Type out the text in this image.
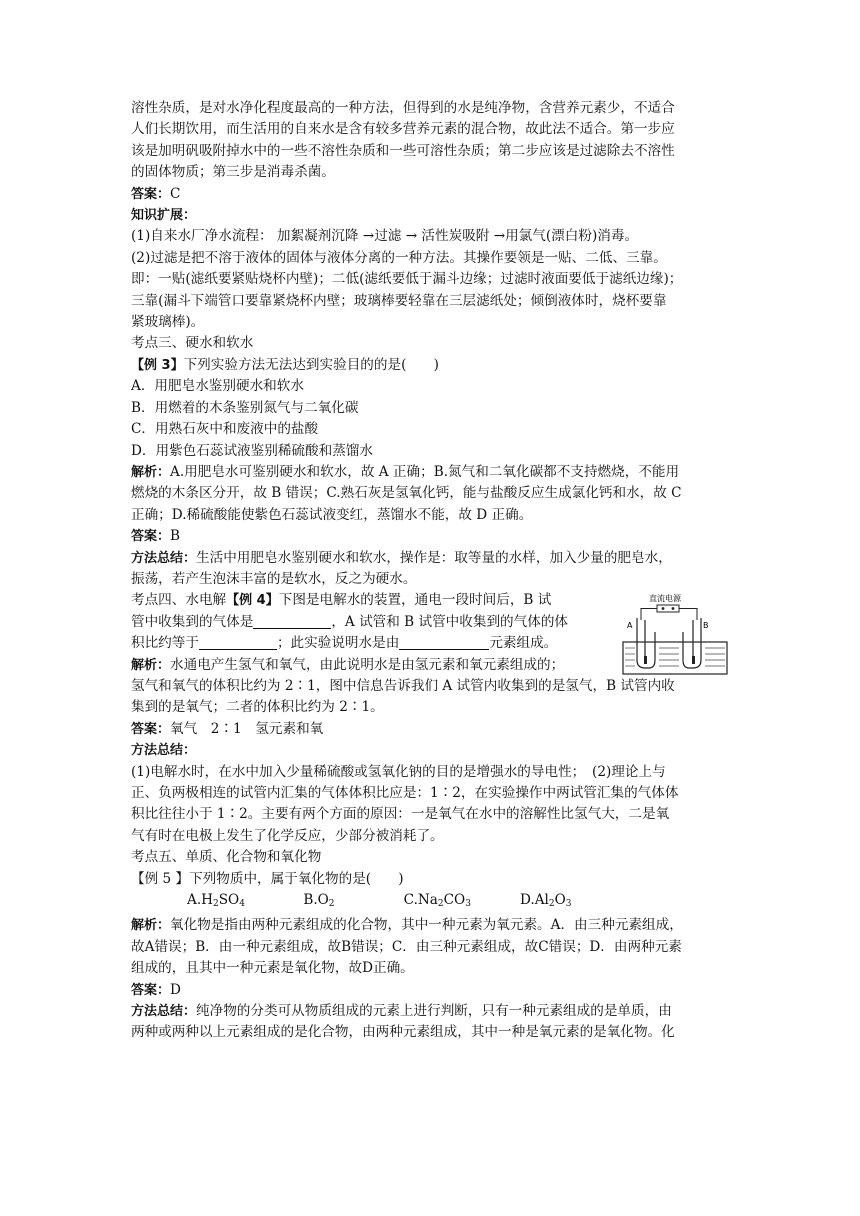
溶性杂质，是对水净化程度最高的一种方法，但得到的水是纯净物，含营养元素少，不适合

人们长期饮用，而生活用的自来水是含有较多营养元素的混合物，故此法不适合。第一步应

该是加明矾吸附掉水中的一些不溶性杂质和一些可溶性杂质；第二步应该是过滤除去不溶性

的固体物质；第三步是消毒杀菌。

答案：C

知识扩展：

(1)自来水厂净水流程： 加絮凝剂沉降 →过滤 → 活性炭吸附 →用氯气(漂白粉)消毒。

(2)过滤是把不溶于液体的固体与液体分离的一种方法。其操作要领是一贴、二低、三靠。

即：一贴(滤纸要紧贴烧杯内壁)；二低(滤纸要低于漏斗边缘；过滤时液面要低于滤纸边缘)；

三靠(漏斗下端管口要靠紧烧杯内壁；玻璃棒要轻靠在三层滤纸处；倾倒液体时，烧杯要靠

紧玻璃棒)。

考点三、硬水和软水

【例 3】下列实验方法无法达到实验目的的是(　　)

A．用肥皂水鉴别硬水和软水

B．用燃着的木条鉴别氮气与二氧化碳

C．用熟石灰中和废液中的盐酸

D．用紫色石蕊试液鉴别稀硫酸和蒸馏水

解析：A.用肥皂水可鉴别硬水和软水，故 A 正确；B.氮气和二氧化碳都不支持燃烧，不能用

燃烧的木条区分开，故 B 错误；C.熟石灰是氢氧化钙，能与盐酸反应生成氯化钙和水，故 C

正确；D.稀硫酸能使紫色石蕊试液变红，蒸馏水不能，故 D 正确。

答案：B

方法总结：生活中用肥皂水鉴别硬水和软水，操作是：取等量的水样，加入少量的肥皂水，

振荡，若产生泡沫丰富的是软水，反之为硬水。

考点四、水电解【例 4】下图是电解水的装置，通电一段时间后，B 试

管中收集到的气体是	，A 试管和 B 试管中收集到的气体的体

积比约等于	；此实验说明水是由	元素组成。

解析：水通电产生氢气和氧气，由此说明水是由氢元素和氧元素组成的；

直流电源
A	B

氢气和氧气的体积比约为 2∶1，图中信息告诉我们 A 试管内收集到的是氢气，B 试管内收

集到的是氧气；二者的体积比约为 2∶1。

答案：氧气　2∶1　氢元素和氧

方法总结：

(1)电解水时，在水中加入少量稀硫酸或氢氧化钠的目的是增强水的导电性；　(2)理论上与

正、负两极相连的试管内汇集的气体体积比应是：1∶2，在实验操作中两试管汇集的气体体

积比往往小于 1∶2。主要有两个方面的原因：一是氧气在水中的溶解性比氢气大，二是氧

气有时在电极上发生了化学反应，少部分被消耗了。

考点五、单质、化合物和氧化物

【例 5 】下列物质中，属于氧化物的是(　　)

A.H2SO4	B.O2	C.Na2CO3	D.Al2O3

解析：氧化物是指由两种元素组成的化合物，其中一种元素为氧元素。A．由三种元素组成，

故A错误；B．由一种元素组成，故B错误；C．由三种元素组成，故C错误；D．由两种元素

组成的，且其中一种元素是氧化物，故D正确。

答案：D

方法总结：纯净物的分类可从物质组成的元素上进行判断，只有一种元素组成的是单质，由

两种或两种以上元素组成的是化合物，由两种元素组成，其中一种是氧元素的是氧化物。化
